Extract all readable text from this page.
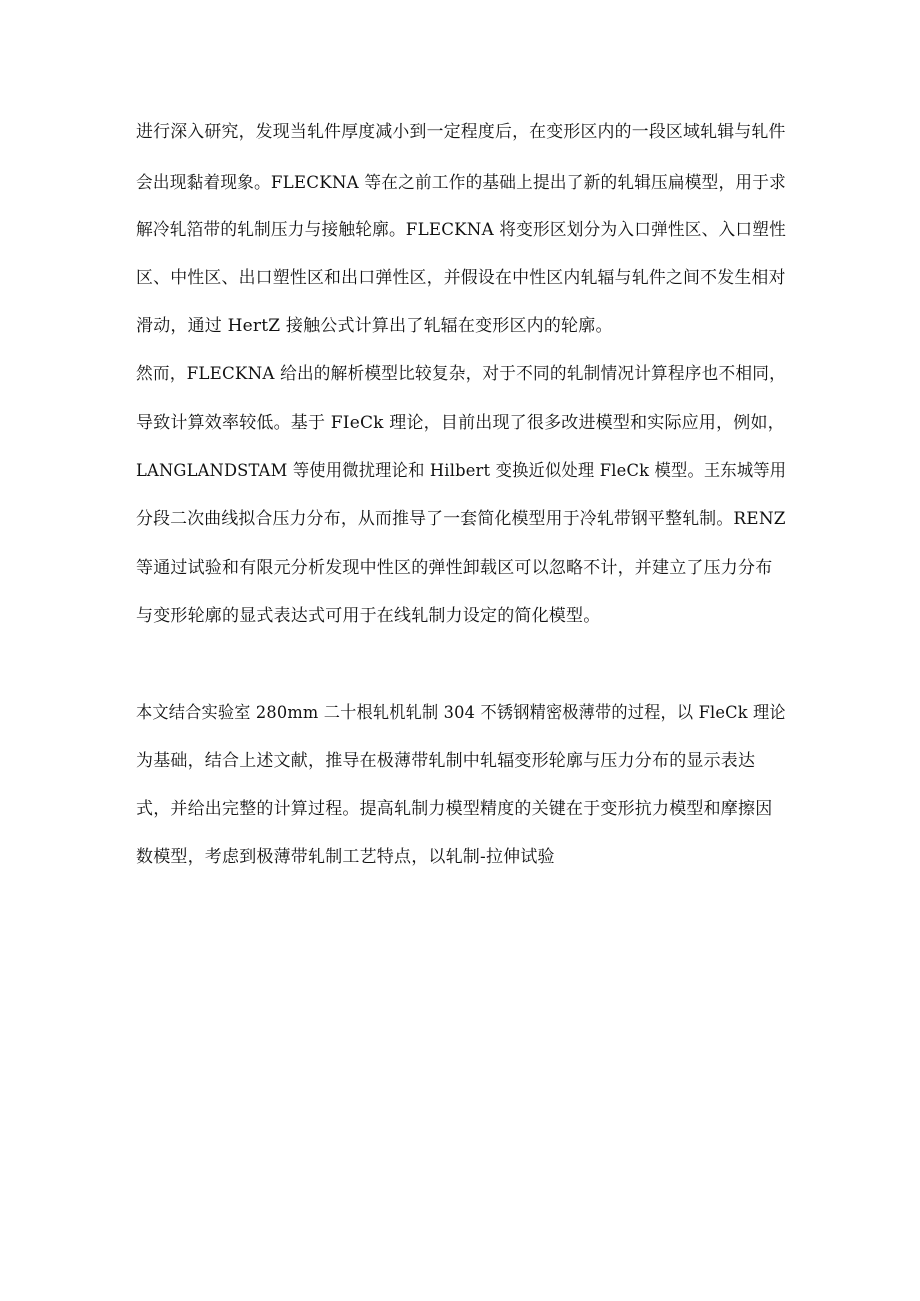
进行深入研究，发现当轧件厚度减小到一定程度后，在变形区内的一段区域轧辑与轧件
会出现黏着现象。FLECKNA 等在之前工作的基础上提出了新的轧辑压扁模型，用于求
解冷轧箔带的轧制压力与接触轮廓。FLECKNA 将变形区划分为入口弹性区、入口塑性
区、中性区、出口塑性区和出口弹性区，并假设在中性区内轧辐与轧件之间不发生相对
滑动，通过 HertZ 接触公式计算出了轧辐在变形区内的轮廓。
然而，FLECKNA 给出的解析模型比较复杂，对于不同的轧制情况计算程序也不相同，
导致计算效率较低。基于 FIeCk 理论，目前出现了很多改进模型和实际应用，例如，
LANGLANDSTAM 等使用微扰理论和 Hilbert 变换近似处理 FleCk 模型。王东城等用
分段二次曲线拟合压力分布，从而推导了一套简化模型用于冷轧带钢平整轧制。RENZ
等通过试验和有限元分析发现中性区的弹性卸载区可以忽略不计，并建立了压力分布
与变形轮廓的显式表达式可用于在线轧制力设定的简化模型。
本文结合实验室 280mm 二十根轧机轧制 304 不锈钢精密极薄带的过程，以 FleCk 理论
为基础，结合上述文献，推导在极薄带轧制中轧辐变形轮廓与压力分布的显示表达
式，并给出完整的计算过程。提高轧制力模型精度的关键在于变形抗力模型和摩擦因
数模型，考虑到极薄带轧制工艺特点，以轧制-拉伸试验
